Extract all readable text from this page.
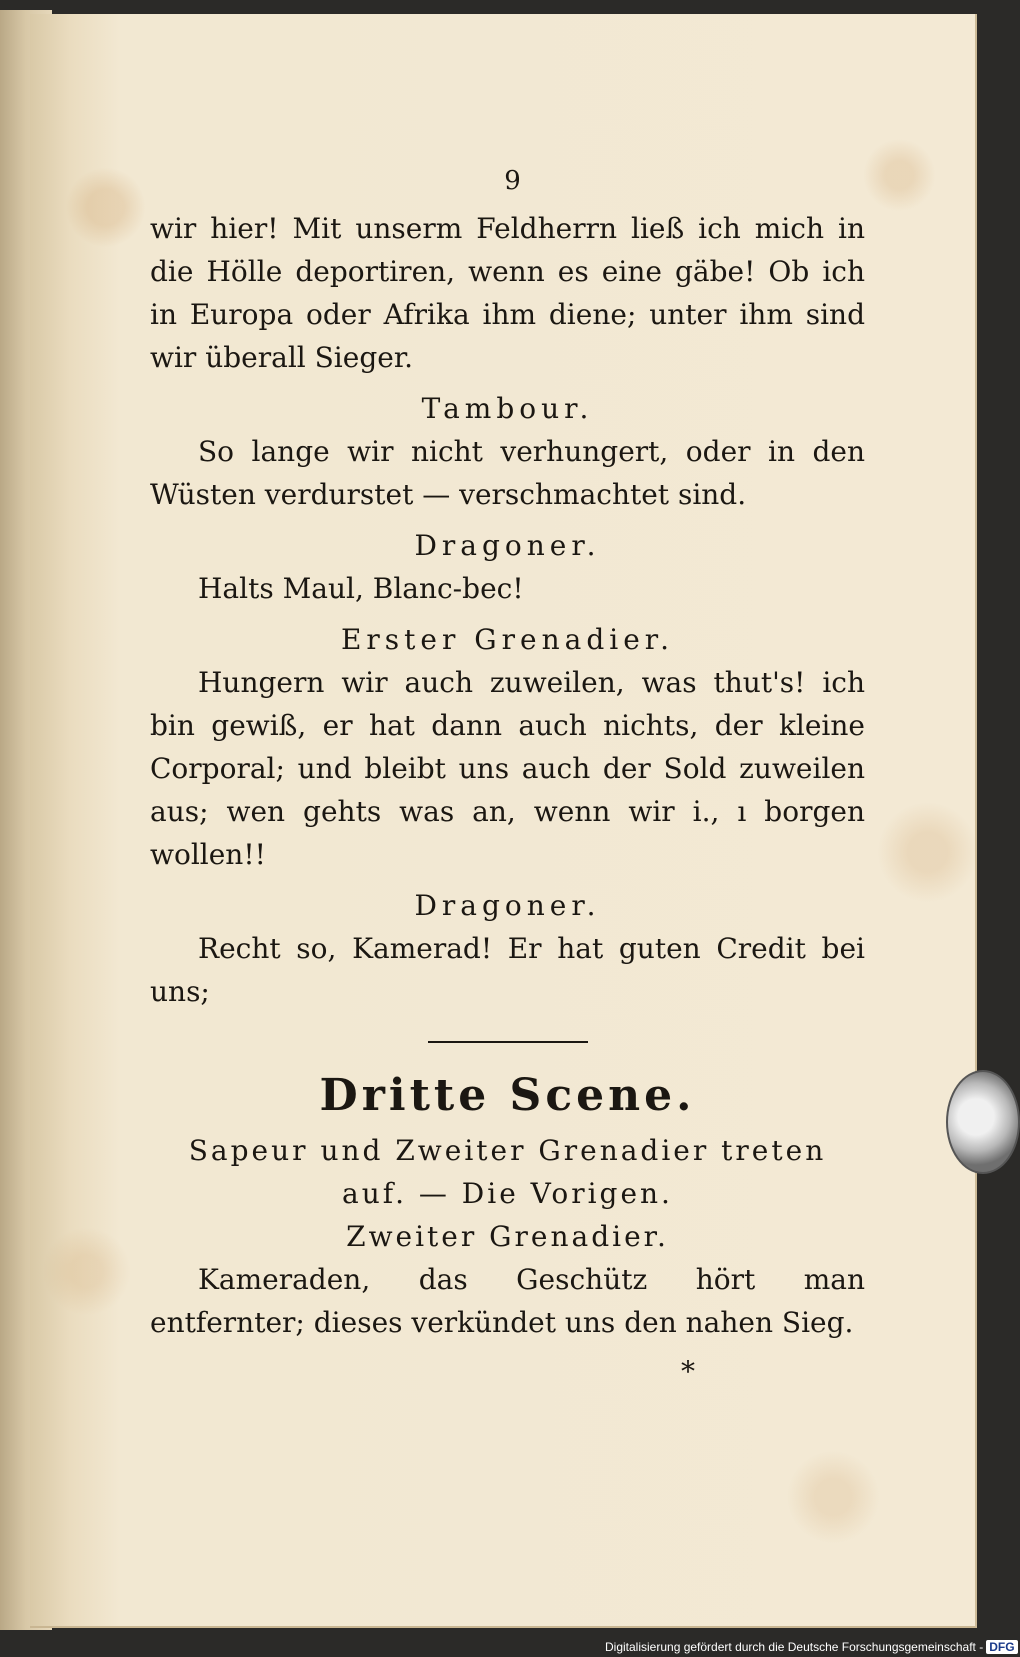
9

wir hier! Mit unserm Feldherrn ließ ich mich in die Hölle deportiren, wenn es eine gäbe! Ob ich in Europa oder Afrika ihm diene; unter ihm sind wir überall Sieger.

Tambour.

So lange wir nicht verhungert, oder in den Wüsten verdurstet — verschmachtet sind.

Dragoner.

Halts Maul, Blanc-bec!

Erster Grenadier.

Hungern wir auch zuweilen, was thut's! ich bin gewiß, er hat dann auch nichts, der kleine Corporal; und bleibt uns auch der Sold zuweilen aus; wen gehts was an, wenn wir i., ı borgen wollen!!

Dragoner.

Recht so, Kamerad! Er hat guten Credit bei uns;

Dritte Scene.
Sapeur und Zweiter Grenadier treten
auf. — Die Vorigen.
Zweiter Grenadier.

Kameraden, das Geschütz hört man entfernter; dieses verkündet uns den nahen Sieg.

*
Digitalisierung gefördert durch die Deutsche Forschungsgemeinschaft - DFG
